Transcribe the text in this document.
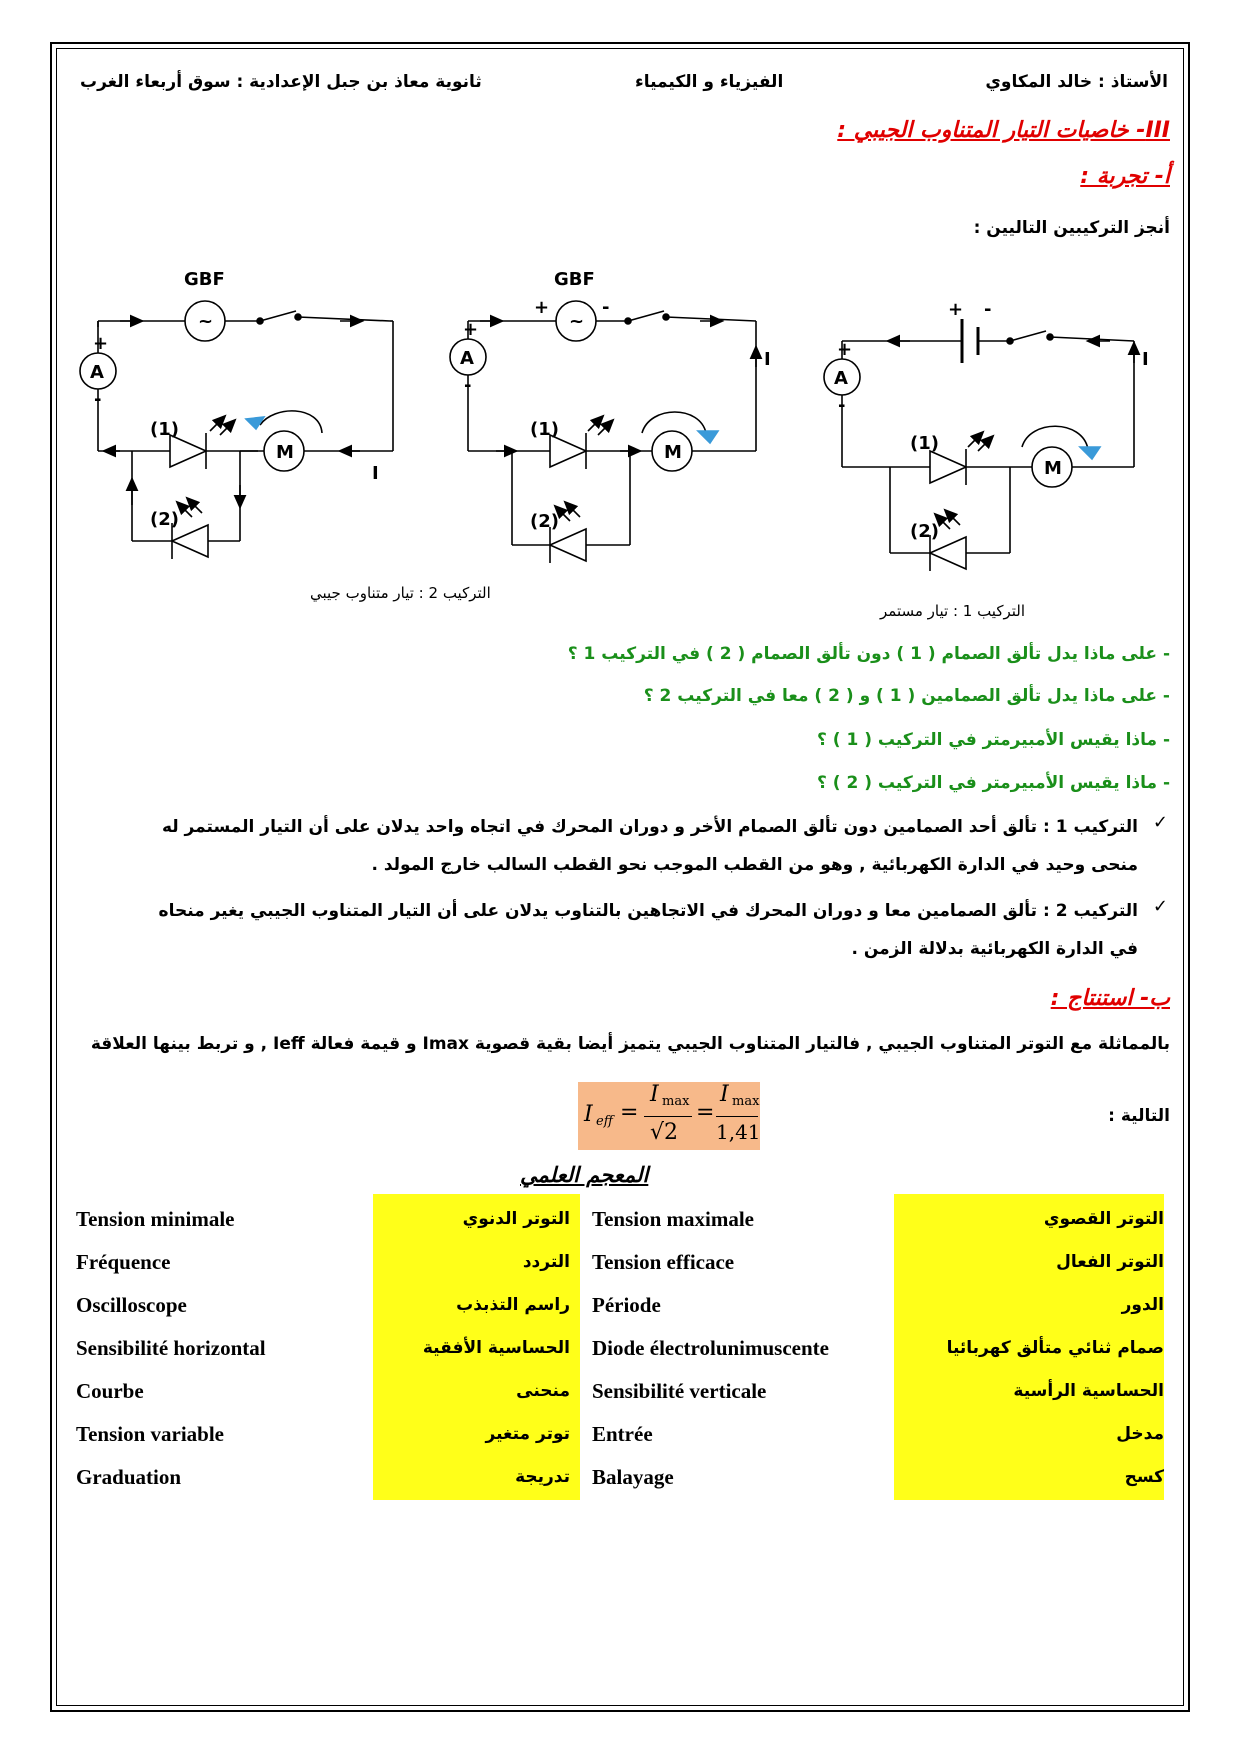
الأستاذ : خالد المكاوي
الفيزياء و الكيمياء
ثانوية معاذ بن جبل الإعدادية : سوق أربعاء الغرب
III- خاصيات التيار المتناوب الجيبي :
أ- تجربة :
أنجز التركيبين التاليين :
GBF
~
A
+
-
M
I
(1)
(2)
GBF
~
+	-
A
+
-
M
I
(1)
(2)
+ -
A
+
-
M
I
(1)
(2)
التركيب 2 : تيار متناوب جيبي
التركيب 1 : تيار مستمر
- على ماذا يدل تألق الصمام ( 1 ) دون تألق الصمام ( 2 ) في التركيب 1 ؟
- على ماذا يدل تألق الصمامين ( 1 ) و ( 2 ) معا في التركيب 2 ؟
- ماذا يقيس الأمبيرمتر في التركيب ( 1 ) ؟
- ماذا يقيس الأمبيرمتر في التركيب ( 2 ) ؟
✓
التركيب 1 : تألق أحد الصمامين دون تألق الصمام الأخر و دوران المحرك في اتجاه واحد يدلان على أن التيار المستمر له منحى وحيد في الدارة الكهربائية , وهو من القطب الموجب نحو القطب السالب خارج المولد .
✓
التركيب 2 : تألق الصمامين معا و دوران المحرك في الاتجاهين بالتناوب يدلان على أن التيار المتناوب الجيبي يغير منحاه في الدارة الكهربائية بدلالة الزمن .
ب- استنتاج :
بالمماثلة مع التوتر المتناوب الجيبي , فالتيار المتناوب الجيبي يتميز أيضا بقية قصوية Imax و قيمة فعالة Ieff , و تربط بينها العلاقة
التالية :
I eff =
I max
√2
=
I max
1,41
المعجم العلمي
التوتر القصوي
Tension maximale
التوتر الفعال
Tension efficace
الدور
Période
صمام ثنائي متألق كهربائيا
Diode électrolunimuscente
الحساسية الرأسية
Sensibilité verticale
مدخل
Entrée
كسح
Balayage
التوتر الدنوي
Tension minimale
التردد
Fréquence
راسم التذبذب
Oscilloscope
الحساسية الأفقية
Sensibilité horizontal
منحنى
Courbe
توتر متغير
Tension variable
تدريجة
Graduation
